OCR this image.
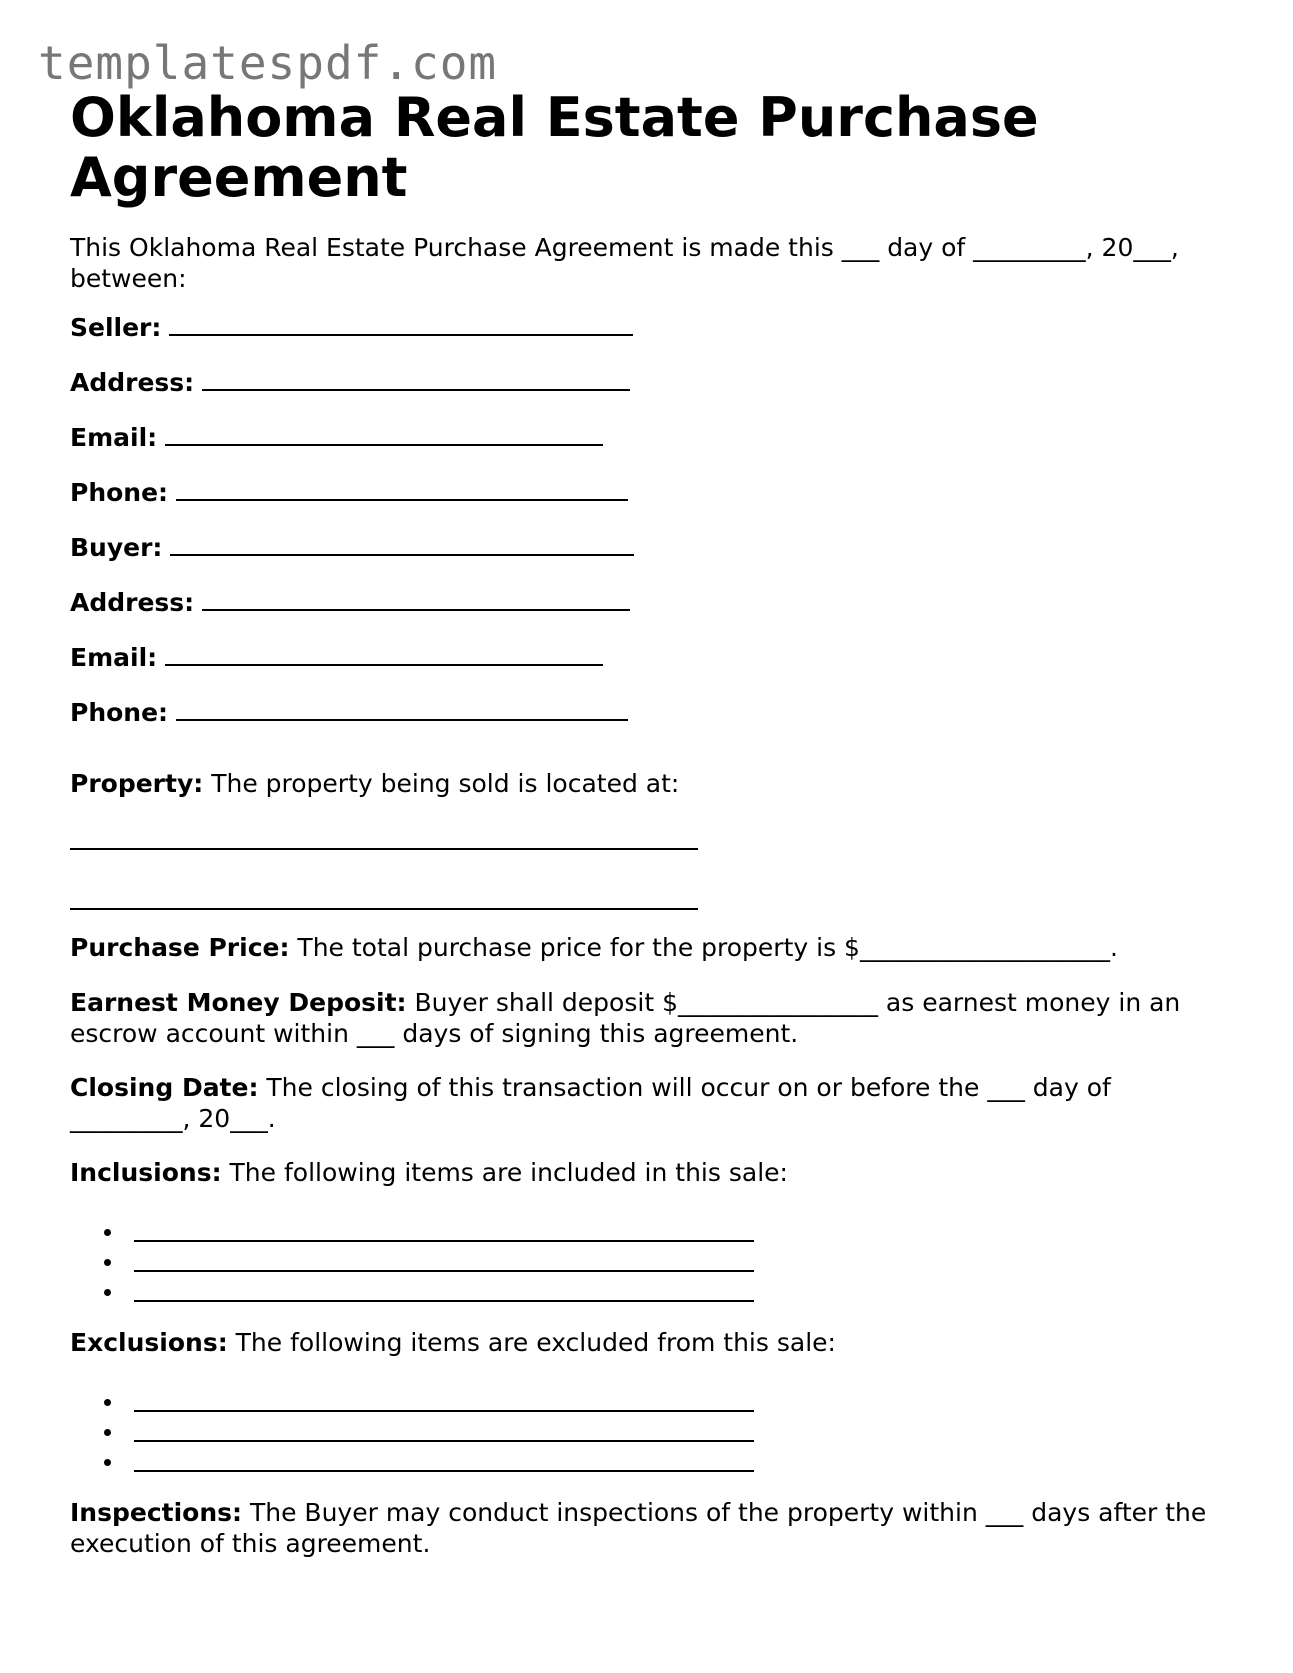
templatespdf.com
Oklahoma Real Estate Purchase Agreement

This Oklahoma Real Estate Purchase Agreement is made this ___ day of _________, 20___, between:

Seller:
Address:
Email:
Phone:
Buyer:
Address:
Email:
Phone:

Property: The property being sold is located at:

Purchase Price: The total purchase price for the property is $____________________.

Earnest Money Deposit: Buyer shall deposit $________________ as earnest money in an escrow account within ___ days of signing this agreement.

Closing Date: The closing of this transaction will occur on or before the ___ day of _________, 20___.

Inclusions: The following items are included in this sale:

Exclusions: The following items are excluded from this sale:

Inspections: The Buyer may conduct inspections of the property within ___ days after the execution of this agreement.
